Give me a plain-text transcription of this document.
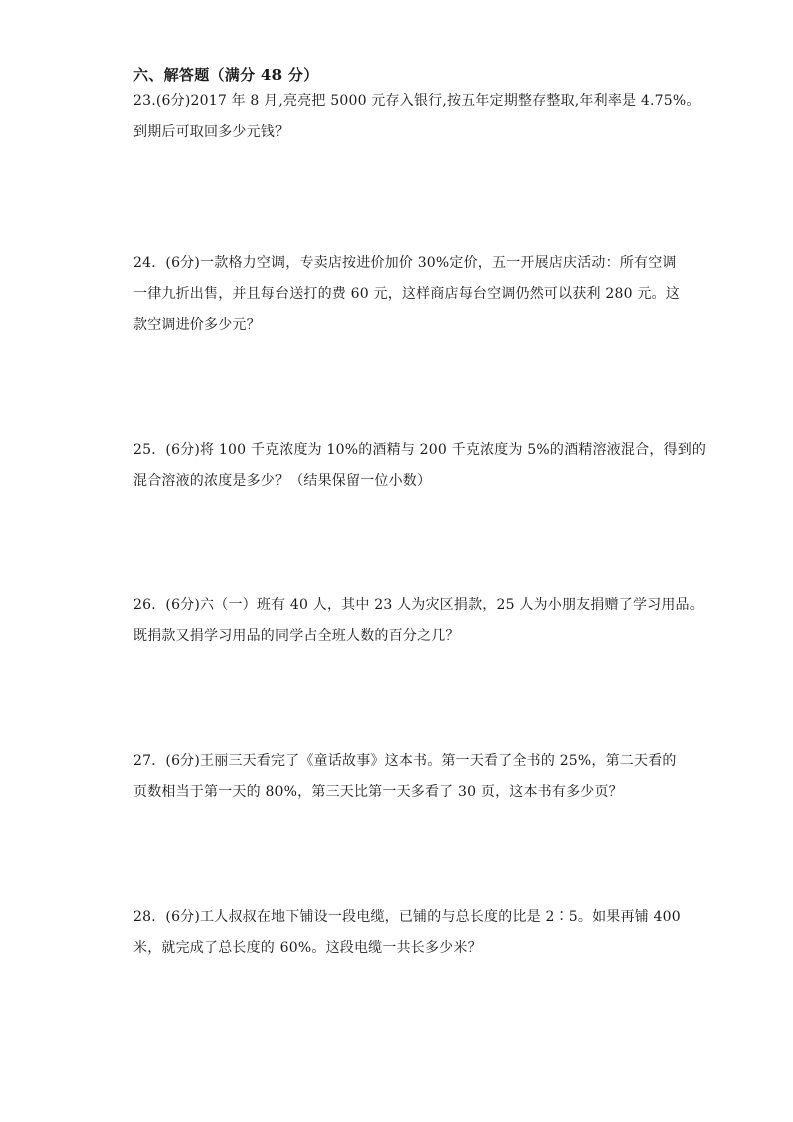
六、解答题（满分 48 分）
23.(6分)2017 年 8 月,亮亮把 5000 元存入银行,按五年定期整存整取,年利率是 4.75%。
到期后可取回多少元钱？
24．(6分)一款格力空调，专卖店按进价加价 30%定价，五一开展店庆活动：所有空调
一律九折出售，并且每台送打的费 60 元，这样商店每台空调仍然可以获利 280 元。这
款空调进价多少元？
25．(6分)将 100 千克浓度为 10%的酒精与 200 千克浓度为 5%的酒精溶液混合，得到的
混合溶液的浓度是多少？（结果保留一位小数）
26．(6分)六（一）班有 40 人，其中 23 人为灾区捐款，25 人为小朋友捐赠了学习用品。
既捐款又捐学习用品的同学占全班人数的百分之几？
27．(6分)王丽三天看完了《童话故事》这本书。第一天看了全书的 25%，第二天看的
页数相当于第一天的 80%，第三天比第一天多看了 30 页，这本书有多少页？
28．(6分)工人叔叔在地下铺设一段电缆，已铺的与总长度的比是 2∶5。如果再铺 400
米，就完成了总长度的 60%。这段电缆一共长多少米？
